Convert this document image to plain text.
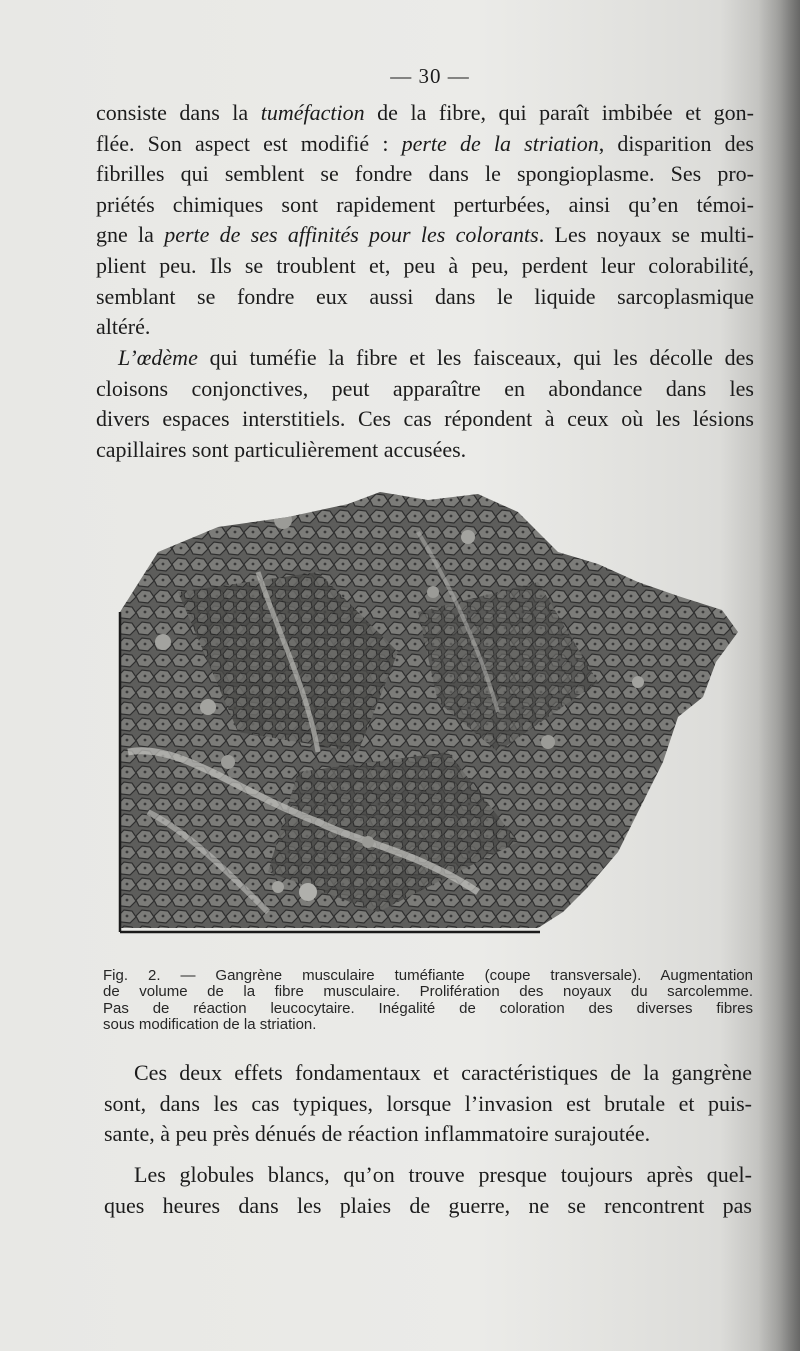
— 30 —
consiste dans la tuméfaction de la fibre, qui paraît imbibée et gon-
flée. Son aspect est modifié : perte de la striation, disparition des
fibrilles qui semblent se fondre dans le spongioplasme. Ses pro-
priétés chimiques sont rapidement perturbées, ainsi qu’en témoi-
gne la perte de ses affinités pour les colorants. Les noyaux se multi-
plient peu. Ils se troublent et, peu à peu, perdent leur colorabilité,
semblant se fondre eux aussi dans le liquide sarcoplasmique
altéré.
L’œdème qui tuméfie la fibre et les faisceaux, qui les décolle des
cloisons conjonctives, peut apparaître en abondance dans les
divers espaces interstitiels. Ces cas répondent à ceux où les lésions
capillaires sont particulièrement accusées.
Fig. 2. — Gangrène musculaire tuméfiante (coupe transversale). Augmentation
de volume de la fibre musculaire. Prolifération des noyaux du sarcolemme.
Pas de réaction leucocytaire. Inégalité de coloration des diverses fibres
sous modification de la striation.
Ces deux effets fondamentaux et caractéristiques de la gangrène
sont, dans les cas typiques, lorsque l’invasion est brutale et puis-
sante, à peu près dénués de réaction inflammatoire surajoutée.
Les globules blancs, qu’on trouve presque toujours après quel-
ques heures dans les plaies de guerre, ne se rencontrent pas
